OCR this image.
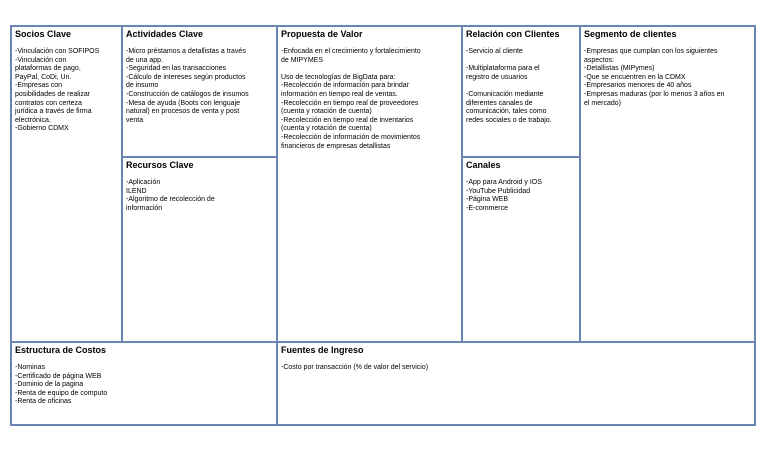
Socios Clave
-Vinculación con SOFIPOS
-Vinculación con
plataformas de pago,
PayPal, CoDi, Un.
-Empresas con
posibilidades de realizar
contratos con certeza
jurídica a través de firma
electrónica.
-Gobierno CDMX
Actividades Clave
-Micro préstamos a detallistas a través
de una app.
-Seguridad en las transacciones
-Cálculo de intereses según productos
de insumo
-Construcción de catálogos de insumos
-Mesa de ayuda (Boots con lenguaje
natural) en procesos de venta y post
venta
Recursos Clave
-Aplicación
ILEND
-Algoritmo de recolección de
información
Propuesta de Valor
-Enfocada en el crecimiento y fortalecimiento
de MIPYMES
Uso de tecnologías de BigData para:
-Recolección de información para brindar
información en tiempo real de ventas.
-Recolección en tiempo real de proveedores
(cuenta y rotación de cuenta)
-Recolección en tiempo real de inventarios
(cuenta y rotación de cuenta)
-Recolección de información de movimientos
financieros de empresas detallistas
Relación con Clientes
-Servicio al cliente
-Multiplataforma para el
registro de usuarios
-Comunicación mediante
diferentes canales de
comunicación, tales como
redes sociales o de trabajo.
Canales
-App para Android y IOS
-YouTube Publicidad
-Página WEB
-E-commerce
Segmento de clientes
-Empresas que cumplan con los siguientes
aspectos:
-Detallistas (MIPymes)
-Que se encuentren en la CDMX
-Empresarios menores de 40 años
-Empresas maduras (por lo menos 3 años en
el mercado)
Estructura de Costos
-Nominas
-Certificado de página WEB
-Dominio de la pagina
-Renta de equipo de computo
-Renta de oficinas
Fuentes de Ingreso
-Costo por transacción (% de valor del servicio)
